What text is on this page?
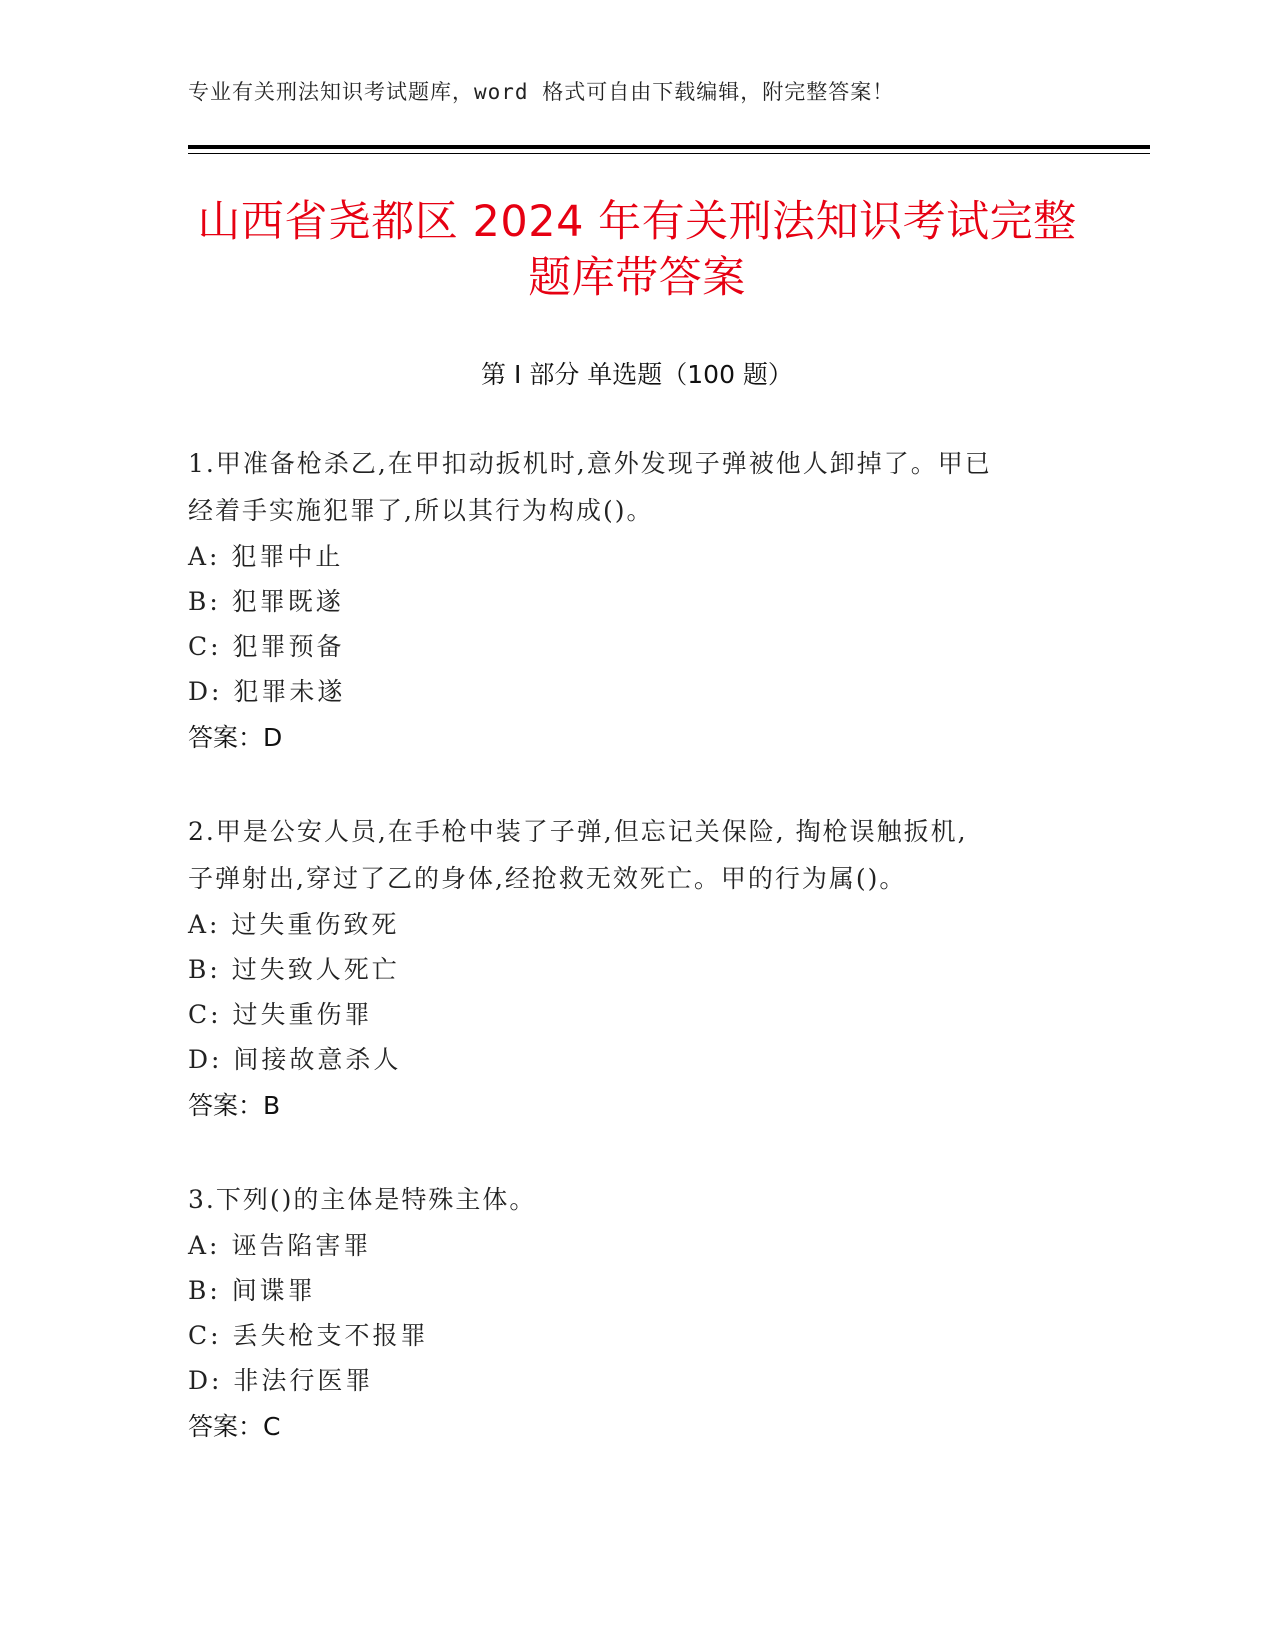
专业有关刑法知识考试题库，word 格式可自由下载编辑，附完整答案！
山西省尧都区 2024 年有关刑法知识考试完整
题库带答案
第 I 部分 单选题（100 题）
1.甲准备枪杀乙,在甲扣动扳机时,意外发现子弹被他人卸掉了。甲已
经着手实施犯罪了,所以其行为构成()。
A: 犯罪中止
B: 犯罪既遂
C: 犯罪预备
D: 犯罪未遂
答案：D
2.甲是公安人员,在手枪中装了子弹,但忘记关保险, 掏枪误触扳机,
子弹射出,穿过了乙的身体,经抢救无效死亡。甲的行为属()。
A: 过失重伤致死
B: 过失致人死亡
C: 过失重伤罪
D: 间接故意杀人
答案：B
3.下列()的主体是特殊主体。
A: 诬告陷害罪
B: 间谍罪
C: 丢失枪支不报罪
D: 非法行医罪
答案：C
